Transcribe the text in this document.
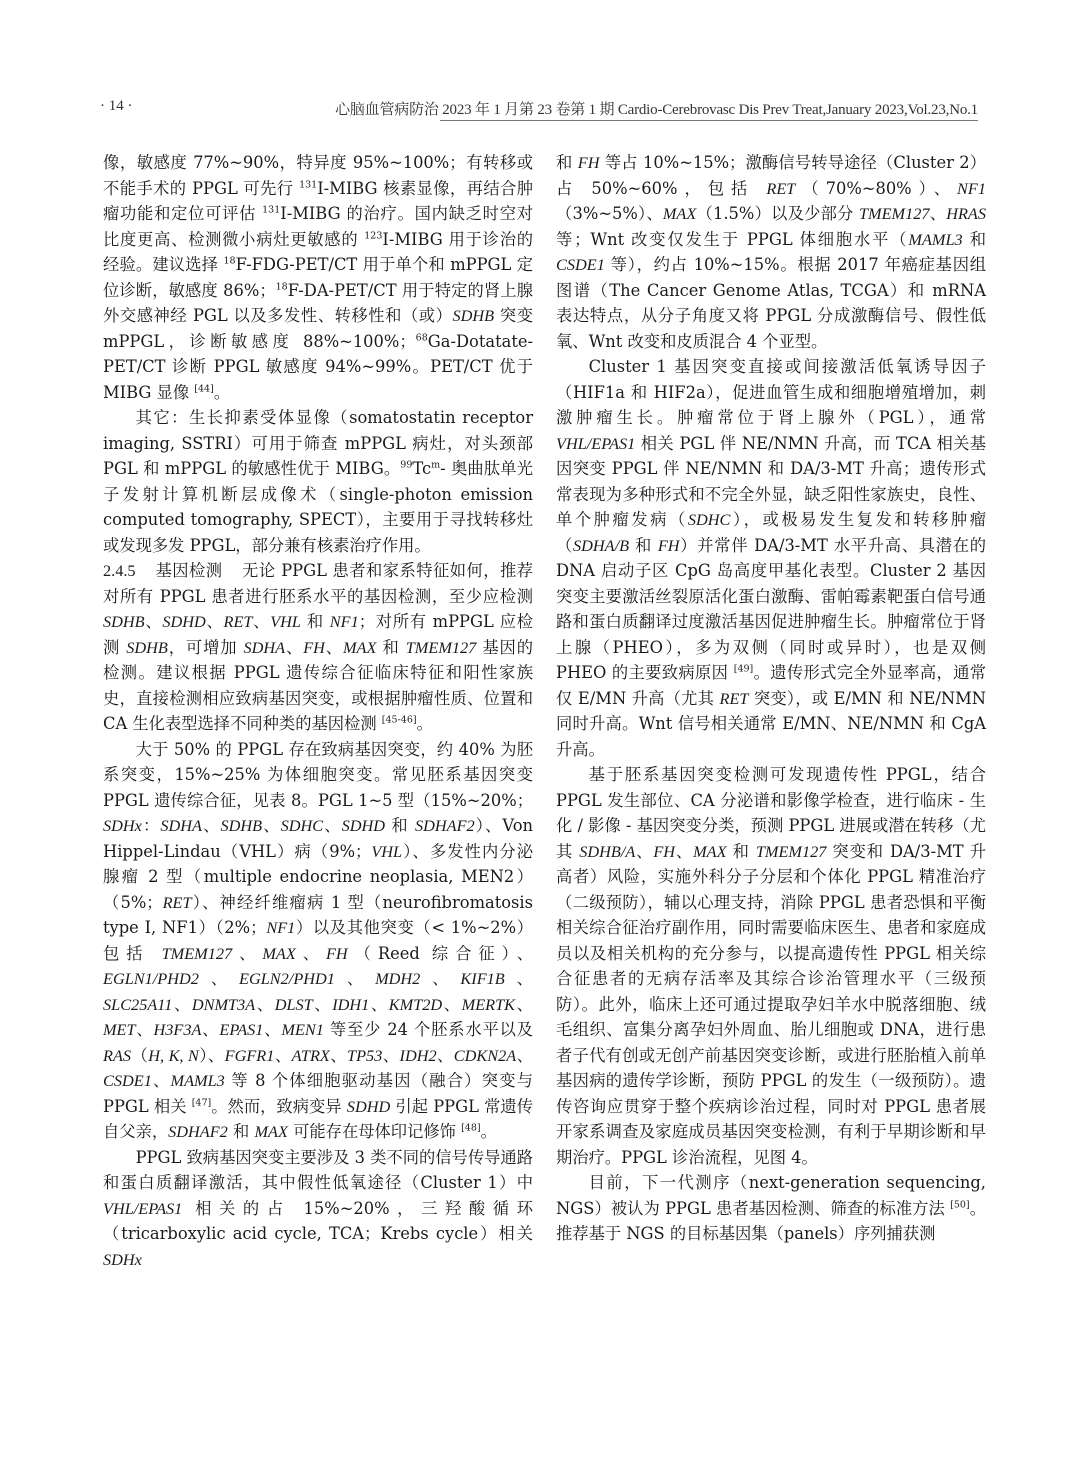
· 14 ·	心脑血管病防治 2023 年 1 月第 23 卷第 1 期 Cardio-Cerebrovasc Dis Prev Treat,January 2023,Vol.23,No.1

像，敏感度 77%~90%，特异度 95%~100%；有转移或不能手术的 PPGL 可先行 $^{131}$I-MIBG 核素显像，再结合肿瘤功能和定位可评估 $^{131}$I-MIBG 的治疗。国内缺乏时空对比度更高、检测微小病灶更敏感的 $^{123}$I-MIBG 用于诊治的经验。建议选择 $^{18}$F-FDG-PET/CT 用于单个和 mPPGL 定位诊断，敏感度 86%；$^{18}$F-DA-PET/CT 用于特定的肾上腺外交感神经 PGL 以及多发性、转移性和（或）SDHB 突变 mPPGL，诊断敏感度 88%~100%；$^{68}$Ga-Dotatate-PET/CT 诊断 PPGL 敏感度 94%~99%。PET/CT 优于 MIBG 显像 [44]。

其它：生长抑素受体显像（somatostatin receptor imaging, SSTRI）可用于筛查 mPPGL 病灶，对头颈部 PGL 和 mPPGL 的敏感性优于 MIBG。$^{99}$Tc$^m$- 奥曲肽单光子发射计算机断层成像术（single-photon emission computed tomography, SPECT），主要用于寻找转移灶或发现多发 PPGL，部分兼有核素治疗作用。

2.4.5 基因检测 无论 PPGL 患者和家系特征如何，推荐对所有 PPGL 患者进行胚系水平的基因检测，至少应检测 SDHB、SDHD、RET、VHL 和 NF1；对所有 mPPGL 应检测 SDHB，可增加 SDHA、FH、MAX 和 TMEM127 基因的检测。建议根据 PPGL 遗传综合征临床特征和阳性家族史，直接检测相应致病基因突变，或根据肿瘤性质、位置和 CA 生化表型选择不同种类的基因检测 [45-46]。

大于 50% 的 PPGL 存在致病基因突变，约 40% 为胚系突变，15%~25% 为体细胞突变。常见胚系基因突变 PPGL 遗传综合征，见表 8。PGL 1~5 型（15%~20%；SDHx：SDHA、SDHB、SDHC、SDHD 和 SDHAF2）、Von Hippel-Lindau（VHL）病（9%；VHL）、多发性内分泌腺瘤 2 型（multiple endocrine neoplasia, MEN2）（5%；RET）、神经纤维瘤病 1 型（neurofibromatosis type I, NF1）（2%；NF1）以及其他突变（< 1%~2%）包括 TMEM127、MAX、FH（Reed 综合征）、EGLN1/PHD2、EGLN2/PHD1、MDH2、KIF1B、SLC25A11、DNMT3A、DLST、IDH1、KMT2D、MERTK、MET、H3F3A、EPAS1、MEN1 等至少 24 个胚系水平以及 RAS（H, K, N）、FGFR1、ATRX、TP53、IDH2、CDKN2A、CSDE1、MAML3 等 8 个体细胞驱动基因（融合）突变与 PPGL 相关 [47]。然而，致病变异 SDHD 引起 PPGL 常遗传自父亲，SDHAF2 和 MAX 可能存在母体印记修饰 [48]。

PPGL 致病基因突变主要涉及 3 类不同的信号传导通路和蛋白质翻译激活，其中假性低氧途径（Cluster 1）中 VHL/EPAS1 相关的占 15%~20%，三羟酸循环（tricarboxylic acid cycle, TCA；Krebs cycle）相关 SDHx

和 FH 等占 10%~15%；激酶信号转导途径（Cluster 2）占 50%~60%，包括 RET（70%~80%）、NF1（3%~5%）、MAX（1.5%）以及少部分 TMEM127、HRAS 等；Wnt 改变仅发生于 PPGL 体细胞水平（MAML3 和 CSDE1 等），约占 10%~15%。根据 2017 年癌症基因组图谱（The Cancer Genome Atlas, TCGA）和 mRNA 表达特点，从分子角度又将 PPGL 分成激酶信号、假性低氧、Wnt 改变和皮质混合 4 个亚型。

Cluster 1 基因突变直接或间接激活低氧诱导因子（HIF1a 和 HIF2a），促进血管生成和细胞增殖增加，刺激肿瘤生长。肿瘤常位于肾上腺外（PGL），通常 VHL/EPAS1 相关 PGL 伴 NE/NMN 升高，而 TCA 相关基因突变 PPGL 伴 NE/NMN 和 DA/3-MT 升高；遗传形式常表现为多种形式和不完全外显，缺乏阳性家族史，良性、单个肿瘤发病（SDHC），或极易发生复发和转移肿瘤（SDHA/B 和 FH）并常伴 DA/3-MT 水平升高、具潜在的 DNA 启动子区 CpG 岛高度甲基化表型。Cluster 2 基因突变主要激活丝裂原活化蛋白激酶、雷帕霉素靶蛋白信号通路和蛋白质翻译过度激活基因促进肿瘤生长。肿瘤常位于肾上腺（PHEO），多为双侧（同时或异时），也是双侧 PHEO 的主要致病原因 [49]。遗传形式完全外显率高，通常仅 E/MN 升高（尤其 RET 突变），或 E/MN 和 NE/NMN 同时升高。Wnt 信号相关通常 E/MN、NE/NMN 和 CgA 升高。

基于胚系基因突变检测可发现遗传性 PPGL，结合 PPGL 发生部位、CA 分泌谱和影像学检查，进行临床 - 生化 / 影像 - 基因突变分类，预测 PPGL 进展或潜在转移（尤其 SDHB/A、FH、MAX 和 TMEM127 突变和 DA/3-MT 升高者）风险，实施外科分子分层和个体化 PPGL 精准治疗（二级预防），辅以心理支持，消除 PPGL 患者恐惧和平衡相关综合征治疗副作用，同时需要临床医生、患者和家庭成员以及相关机构的充分参与，以提高遗传性 PPGL 相关综合征患者的无病存活率及其综合诊治管理水平（三级预防）。此外，临床上还可通过提取孕妇羊水中脱落细胞、绒毛组织、富集分离孕妇外周血、胎儿细胞或 DNA，进行患者子代有创或无创产前基因突变诊断，或进行胚胎植入前单基因病的遗传学诊断，预防 PPGL 的发生（一级预防）。遗传咨询应贯穿于整个疾病诊治过程，同时对 PPGL 患者展开家系调查及家庭成员基因突变检测，有利于早期诊断和早期治疗。PPGL 诊治流程，见图 4。

目前，下一代测序（next-generation sequencing, NGS）被认为 PPGL 患者基因检测、筛查的标准方法 [50]。推荐基于 NGS 的目标基因集（panels）序列捕获测
